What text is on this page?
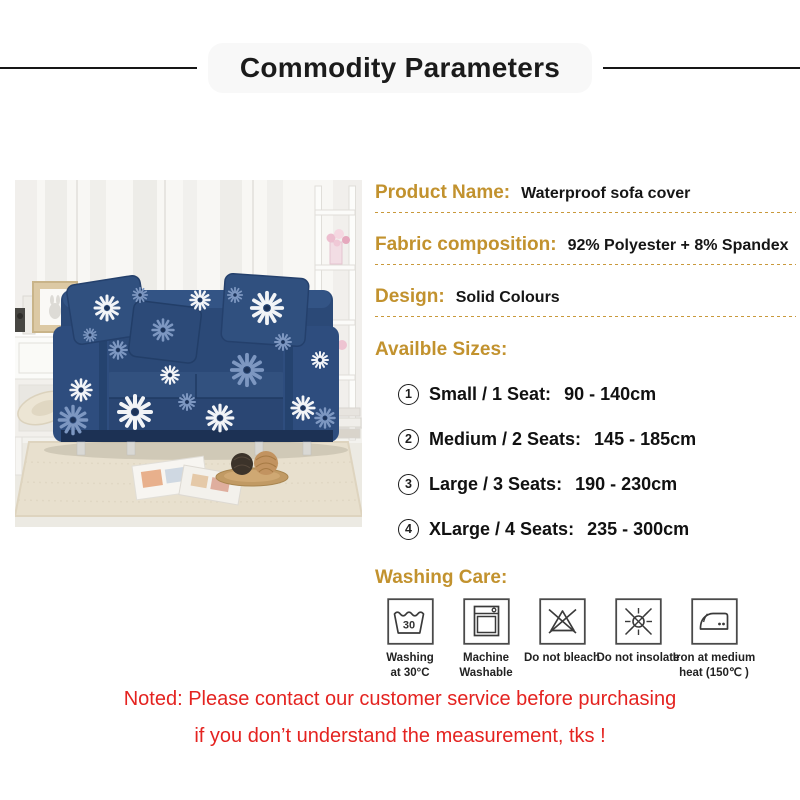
Commodity Parameters
Product Name: Waterproof sofa cover
Fabric composition: 92% Polyester + 8% Spandex
Design: Solid Colours
Availble Sizes:
1 Small / 1 Seat: 90 - 140cm
2 Medium / 2 Seats: 145 - 185cm
3 Large / 3 Seats: 190 - 230cm
4 XLarge / 4 Seats: 235 - 300cm
Washing Care:
30
Washing
at 30°C
Machine
Washable
Do not bleach
Do not insolate
Iron at medium
heat (150℃ )
Noted: Please contact our customer service before purchasing
if you don’t understand the measurement, tks !
